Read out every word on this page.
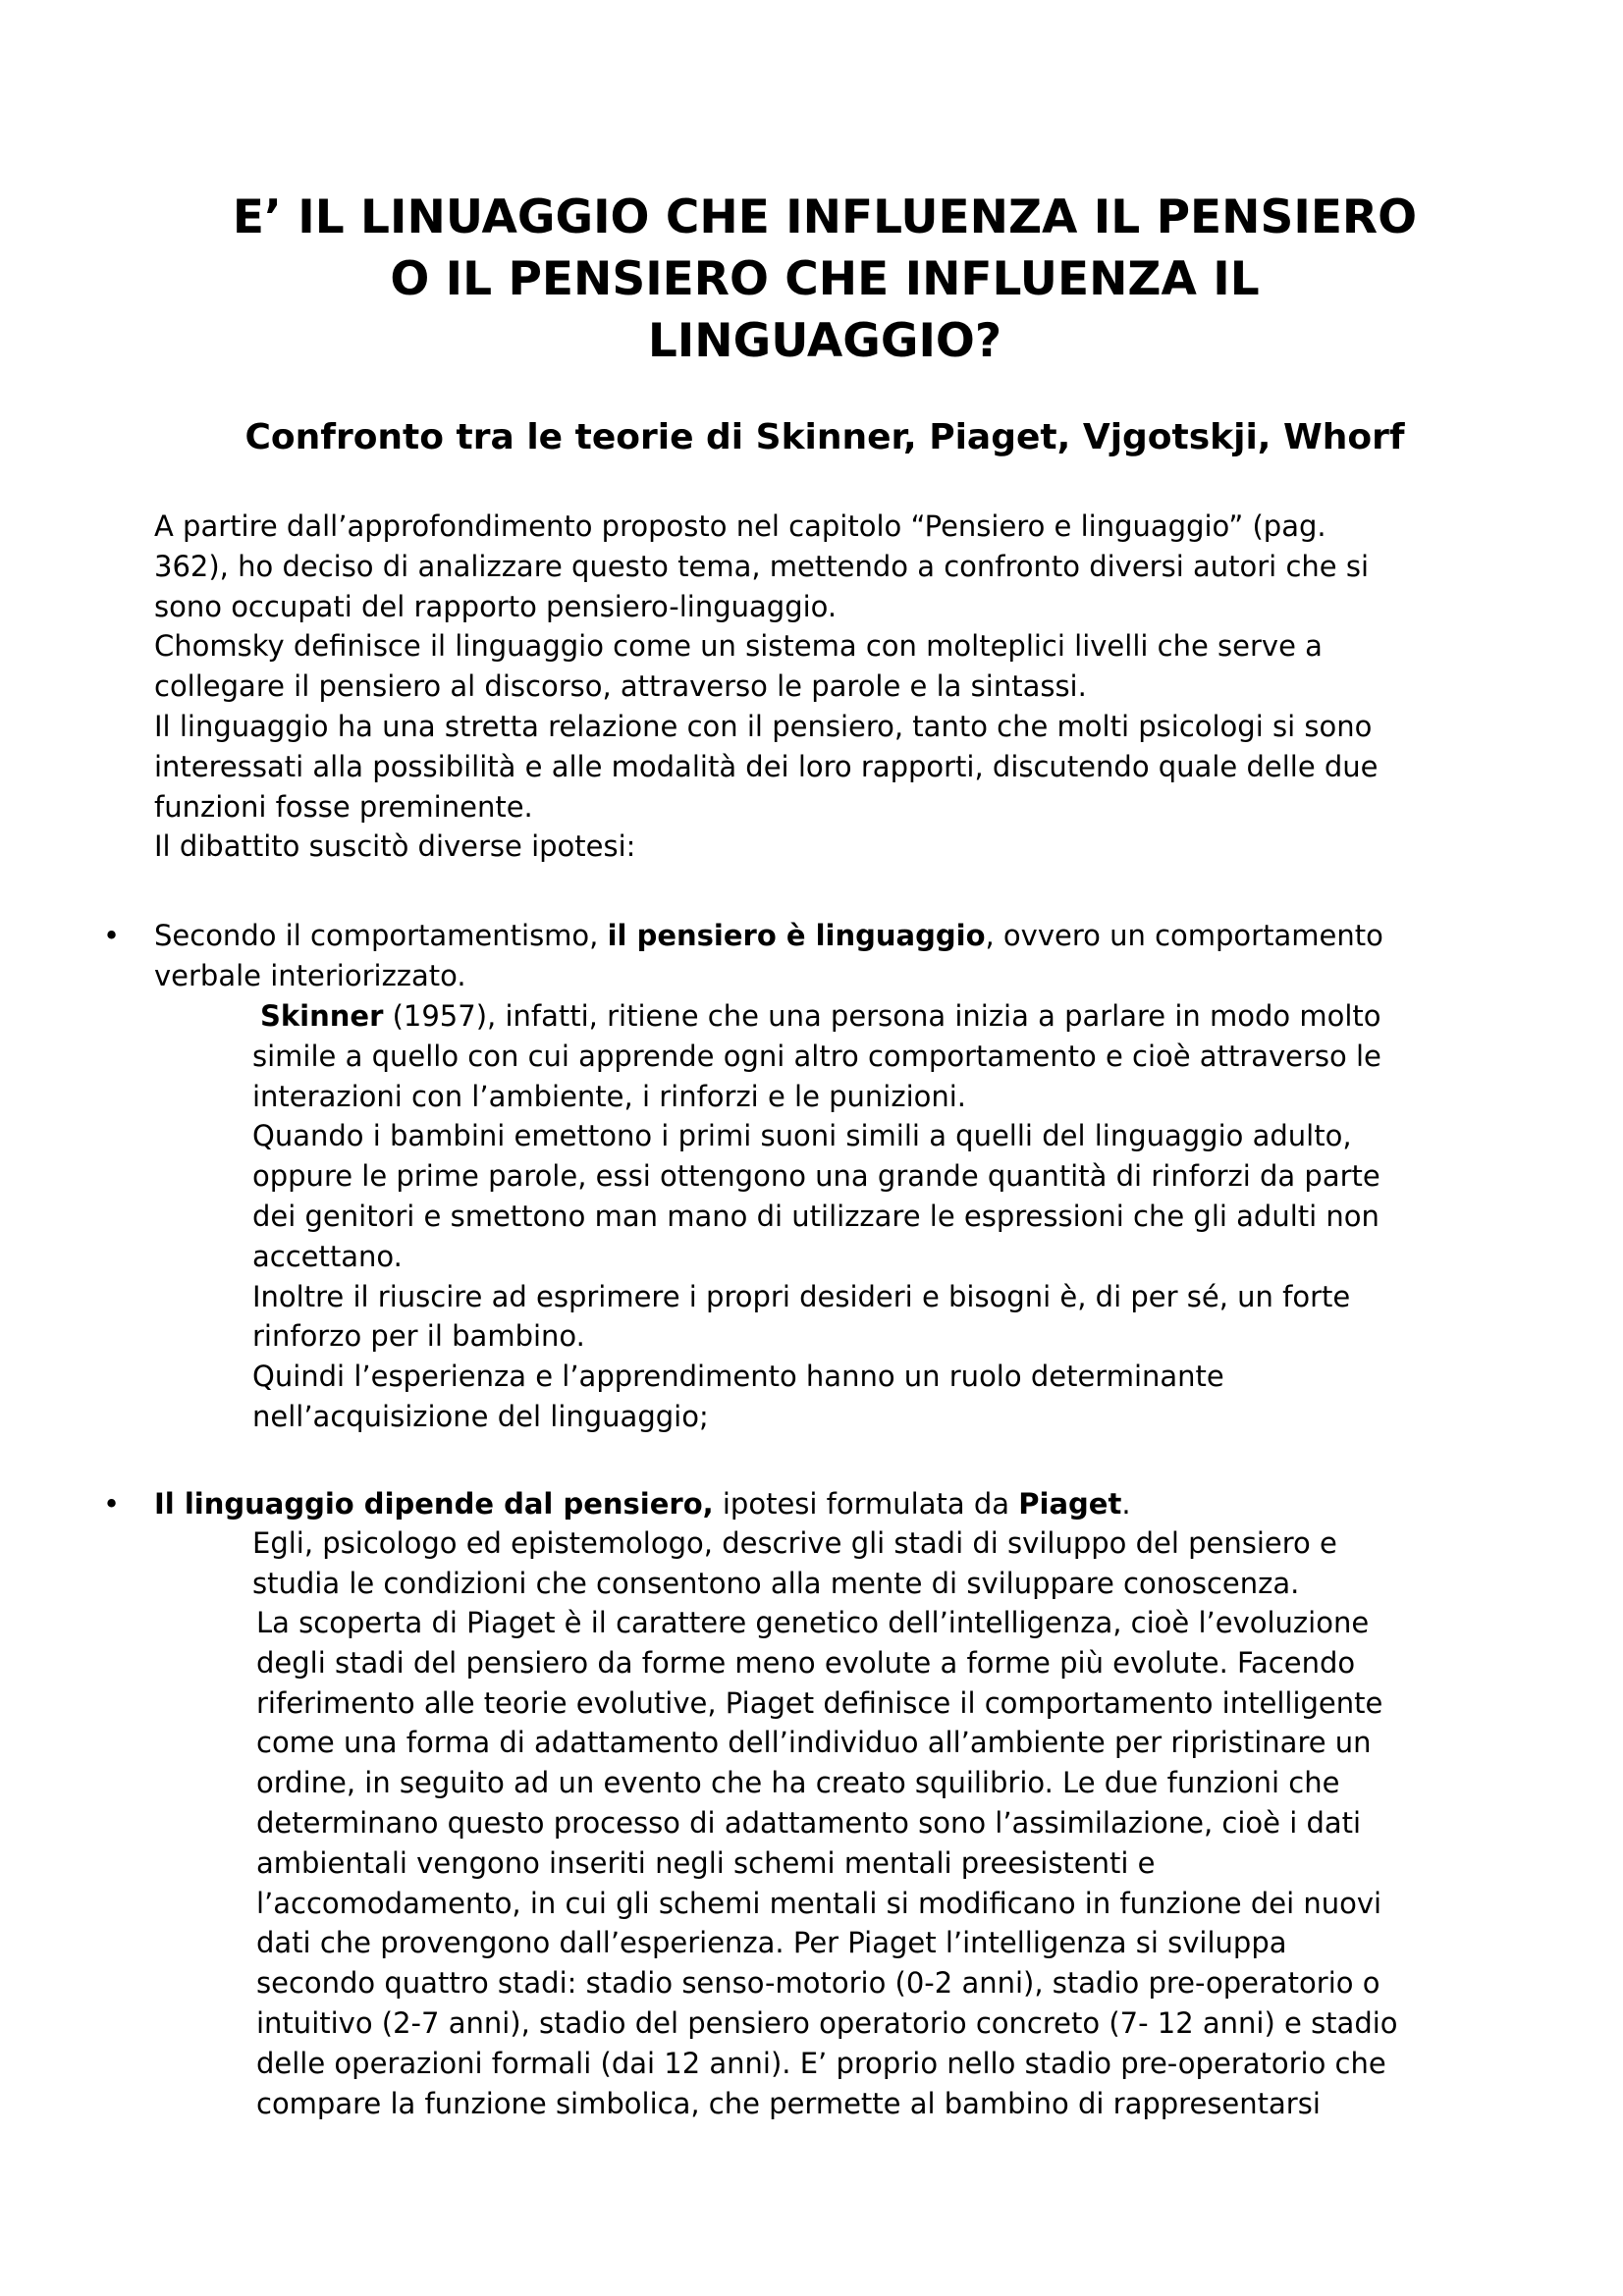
E’ IL LINUAGGIO CHE INFLUENZA IL PENSIERO
O IL PENSIERO CHE INFLUENZA IL
LINGUAGGIO?
Confronto tra le teorie di Skinner, Piaget, Vjgotskji, Whorf
A partire dall’approfondimento proposto nel capitolo “Pensiero e linguaggio” (pag.
362), ho deciso di analizzare questo tema, mettendo a confronto diversi autori che si
sono occupati del rapporto pensiero-linguaggio.
Chomsky definisce il linguaggio come un sistema con molteplici livelli che serve a
collegare il pensiero al discorso, attraverso le parole e la sintassi.
Il linguaggio ha una stretta relazione con il pensiero, tanto che molti psicologi si sono
interessati alla possibilità e alle modalità dei loro rapporti, discutendo quale delle due
funzioni fosse preminente.
Il dibattito suscitò diverse ipotesi:
• Secondo il comportamentismo, il pensiero è linguaggio, ovvero un comportamento

verbale interiorizzato.

Skinner (1957), infatti, ritiene che una persona inizia a parlare in modo molto
simile a quello con cui apprende ogni altro comportamento e cioè attraverso le
interazioni con l’ambiente, i rinforzi e le punizioni.
Quando i bambini emettono i primi suoni simili a quelli del linguaggio adulto,
oppure le prime parole, essi ottengono una grande quantità di rinforzi da parte
dei genitori e smettono man mano di utilizzare le espressioni che gli adulti non
accettano.
Inoltre il riuscire ad esprimere i propri desideri e bisogni è, di per sé, un forte
rinforzo per il bambino.
Quindi l’esperienza e l’apprendimento hanno un ruolo determinante
nell’acquisizione del linguaggio;
• Il linguaggio dipende dal pensiero, ipotesi formulata da Piaget.

Egli, psicologo ed epistemologo, descrive gli stadi di sviluppo del pensiero e
studia le condizioni che consentono alla mente di sviluppare conoscenza.
La scoperta di Piaget è il carattere genetico dell’intelligenza, cioè l’evoluzione
degli stadi del pensiero da forme meno evolute a forme più evolute. Facendo
riferimento alle teorie evolutive, Piaget definisce il comportamento intelligente
come una forma di adattamento dell’individuo all’ambiente per ripristinare un
ordine, in seguito ad un evento che ha creato squilibrio. Le due funzioni che
determinano questo processo di adattamento sono l’assimilazione, cioè i dati
ambientali vengono inseriti negli schemi mentali preesistenti e
l’accomodamento, in cui gli schemi mentali si modificano in funzione dei nuovi
dati che provengono dall’esperienza. Per Piaget l’intelligenza si sviluppa
secondo quattro stadi: stadio senso-motorio (0-2 anni), stadio pre-operatorio o
intuitivo (2-7 anni), stadio del pensiero operatorio concreto (7- 12 anni) e stadio
delle operazioni formali (dai 12 anni). E’ proprio nello stadio pre-operatorio che
compare la funzione simbolica, che permette al bambino di rappresentarsi
